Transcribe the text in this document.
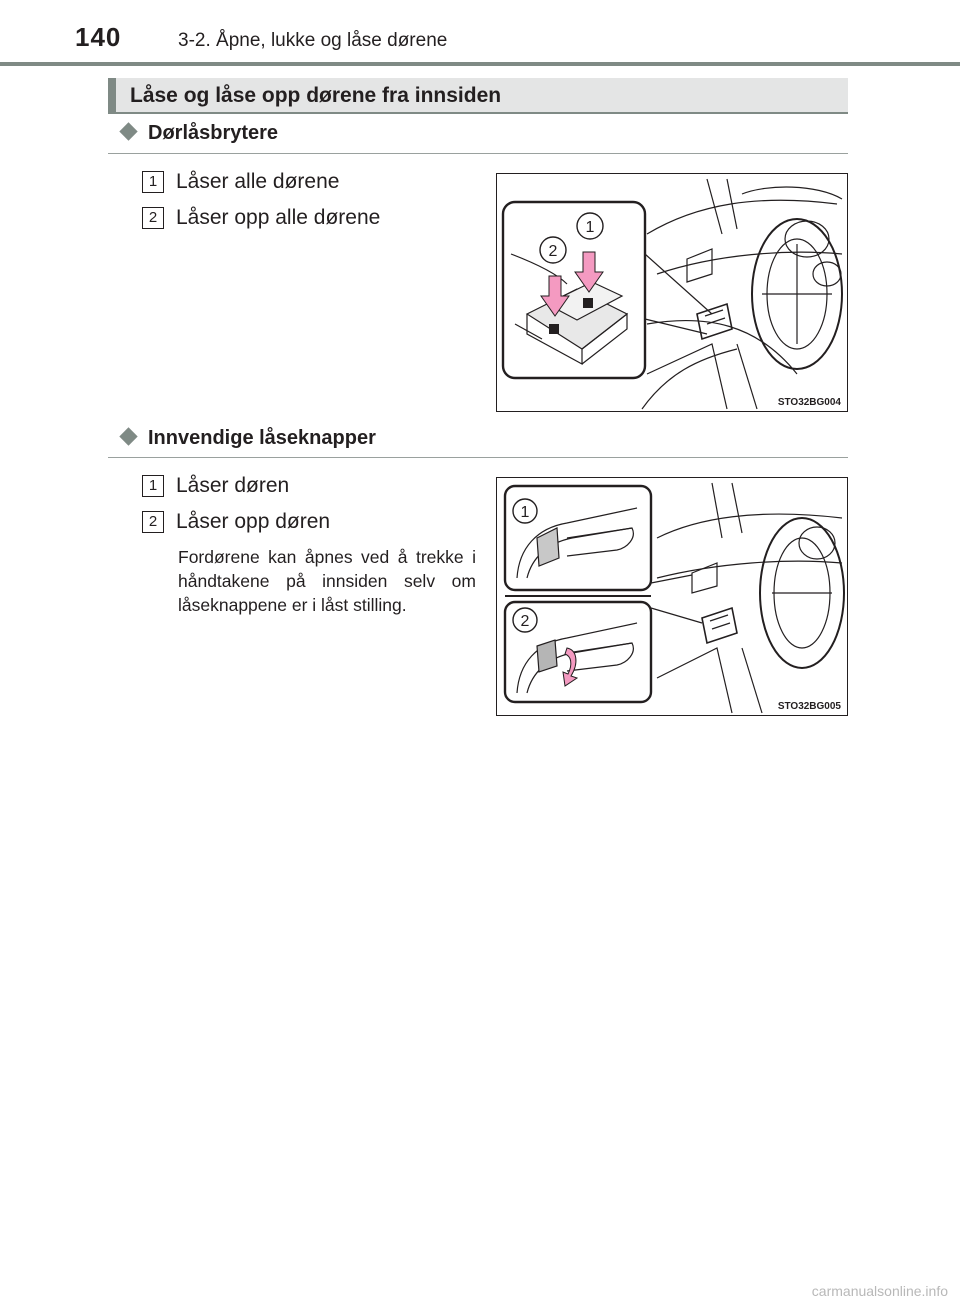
140	3-2. Åpne, lukke og låse dørene
Låse og låse opp dørene fra innsiden
Dørlåsbrytere
1 Låser alle dørene
2 Låser opp alle dørene	1
2
STO32BG004
Innvendige låseknapper
1 Låser døren
2 Låser opp døren
Fordørene kan åpnes ved å trekke i håndtakene på innsiden selv om låseknappene er i låst stilling.
1
2
STO32BG005
carmanualsonline.info
